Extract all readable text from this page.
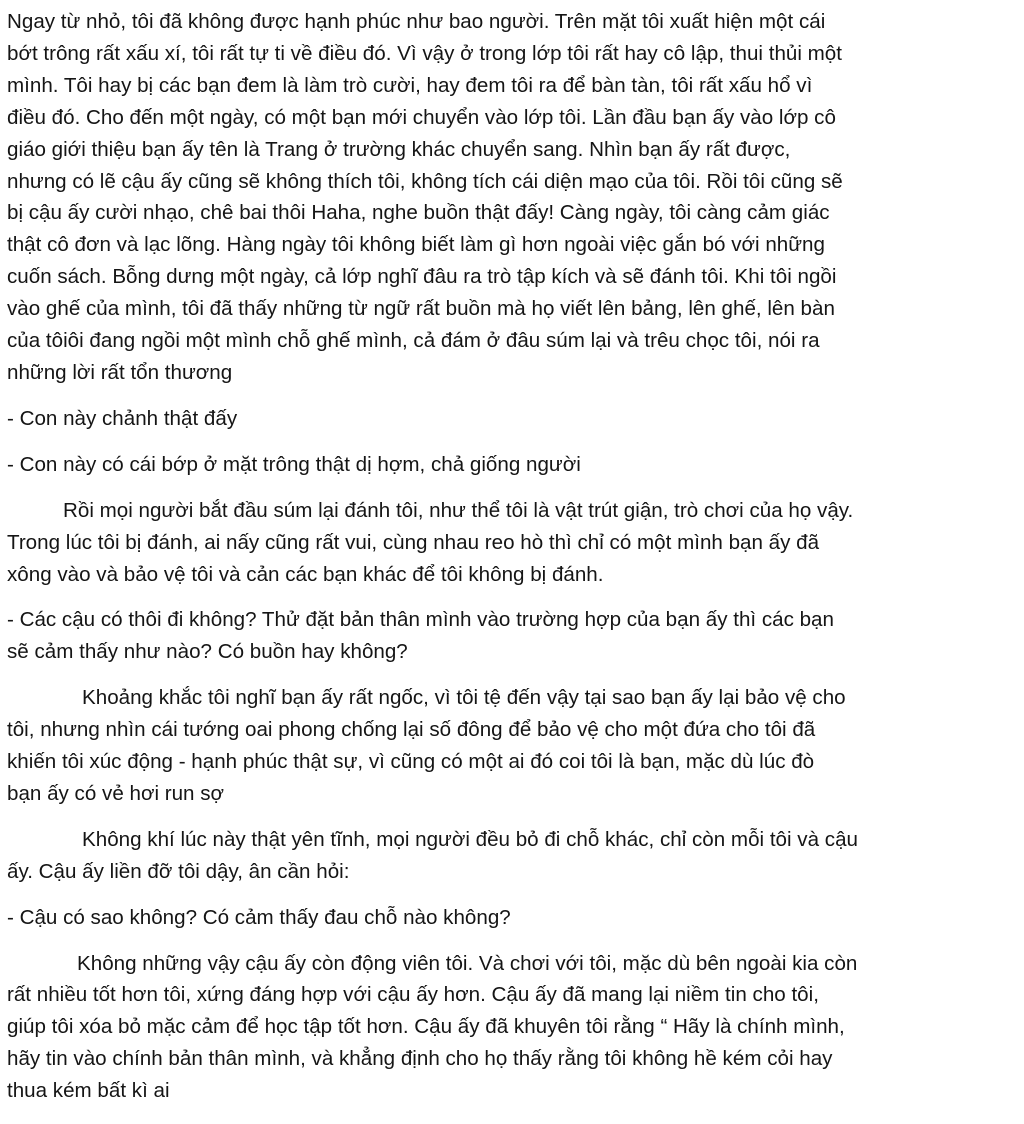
Ngay từ nhỏ, tôi đã không được hạnh phúc như bao người. Trên mặt tôi xuất hiện một cái

bớt trông rất xấu xí, tôi rất tự ti về điều đó. Vì vậy ở trong lớp tôi rất hay cô lập, thui thủi một

mình. Tôi hay bị các bạn đem là làm trò cười, hay đem tôi ra để bàn tàn, tôi rất xấu hổ vì

điều đó. Cho đến một ngày, có một bạn mới chuyển vào lớp tôi. Lần đầu bạn ấy vào lớp cô

giáo giới thiệu bạn ấy tên là Trang ở trường khác chuyển sang. Nhìn bạn ấy rất được,

nhưng có lẽ cậu ấy cũng sẽ không thích tôi, không tích cái diện mạo của tôi. Rồi tôi cũng sẽ

bị cậu ấy cười nhạo, chê bai thôi Haha, nghe buồn thật đấy! Càng ngày, tôi càng cảm giác

thật cô đơn và lạc lõng. Hàng ngày tôi không biết làm gì hơn ngoài việc gắn bó với những

cuốn sách. Bỗng dưng một ngày, cả lớp nghĩ đâu ra trò tập kích và sẽ đánh tôi. Khi tôi ngồi

vào ghế của mình, tôi đã thấy những từ ngữ rất buồn mà họ viết lên bảng, lên ghế, lên bàn

của tôiôi đang ngồi một mình chỗ ghế mình, cả đám ở đâu súm lại và trêu chọc tôi, nói ra

những lời rất tổn thương

- Con này chảnh thật đấy

- Con này có cái bớp ở mặt trông thật dị hợm, chả giống người

Rồi mọi người bắt đầu súm lại đánh tôi, như thể tôi là vật trút giận, trò chơi của họ vậy.

Trong lúc tôi bị đánh, ai nấy cũng rất vui, cùng nhau reo hò thì chỉ có một mình bạn ấy đã

xông vào và bảo vệ tôi và cản các bạn khác để tôi không bị đánh.

- Các cậu có thôi đi không? Thử đặt bản thân mình vào trường hợp của bạn ấy thì các bạn

sẽ cảm thấy như nào? Có buồn hay không?

Khoảng khắc tôi nghĩ bạn ấy rất ngốc, vì tôi tệ đến vậy tại sao bạn ấy lại bảo vệ cho

tôi, nhưng nhìn cái tướng oai phong chống lại số đông để bảo vệ cho một đứa cho tôi đã

khiến tôi xúc động - hạnh phúc thật sự, vì cũng có một ai đó coi tôi là bạn, mặc dù lúc đò

bạn ấy có vẻ hơi run sợ

Không khí lúc này thật yên tĩnh, mọi người đều bỏ đi chỗ khác, chỉ còn mỗi tôi và cậu

ấy. Cậu ấy liền đỡ tôi dậy, ân cần hỏi:

- Cậu có sao không? Có cảm thấy đau chỗ nào không?

Không những vậy cậu ấy còn động viên tôi. Và chơi với tôi, mặc dù bên ngoài kia còn

rất nhiều tốt hơn tôi, xứng đáng hợp với cậu ấy hơn. Cậu ấy đã mang lại niềm tin cho tôi,

giúp tôi xóa bỏ mặc cảm để học tập tốt hơn. Cậu ấy đã khuyên tôi rằng “ Hãy là chính mình,

hãy tin vào chính bản thân mình, và khẳng định cho họ thấy rằng tôi không hề kém cỏi hay

thua kém bất kì ai
